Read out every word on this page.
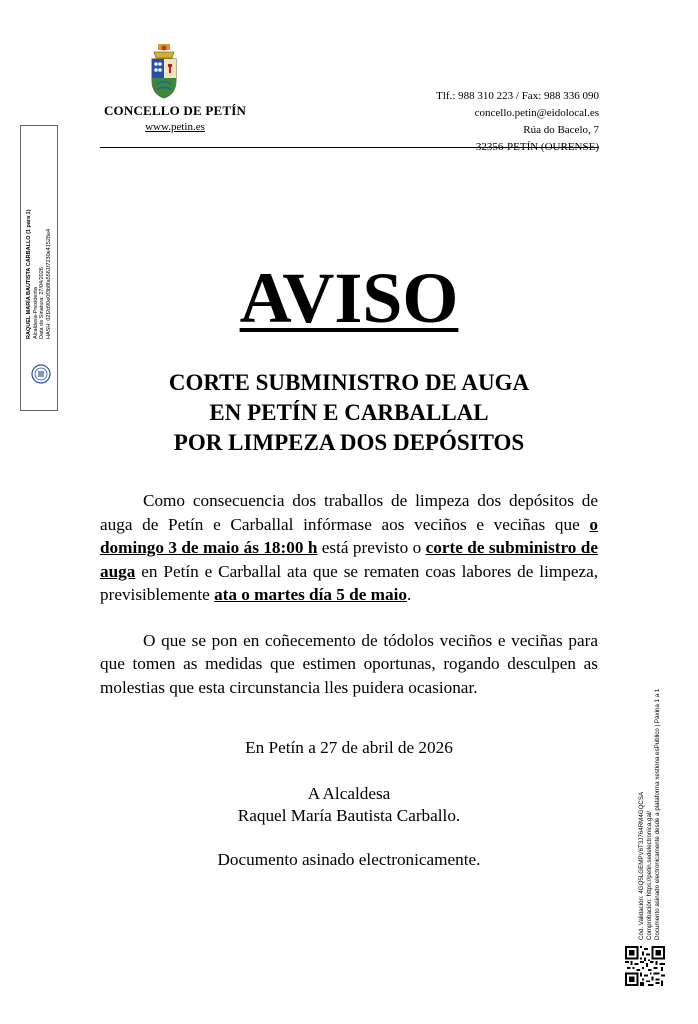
CONCELLO DE PETÍN
www.petin.es
Tlf.: 988 310 223 / Fax: 988 336 090
concello.petin@eidolocal.es
Rúa do Bacelo, 7
32356-PETÍN (OURENSE)
RAQUEL MARÍA BAUTISTA CARBALLO (1 para 1) Alcaldesa-Presidenta Data de Sinatura: 27/04/2026 HASH: 02f2d90e0f3b8fa5561f7230e41528e4	AVISO
CORTE SUBMINISTRO DE AUGA
EN PETÍN E CARBALLAL
POR LIMPEZA DOS DEPÓSITOS

Como consecuencia dos traballos de limpeza dos depósitos de auga de Petín e Carballal infórmase aos veciños e veciñas que o domingo 3 de maio ás 18:00 h está previsto o corte de subministro de auga en Petín e Carballal ata que se rematen coas labores de limpeza, previsiblemente ata o martes día 5 de maio.

O que se pon en coñecemento de tódolos veciños e veciñas para que tomen as medidas que estimen oportunas, rogando desculpen as molestias que esta circunstancia lles puidera ocasionar.

En Petín a 27 de abril de 2026
A Alcaldesa
Raquel María Bautista Carballo.
Documento asinado electronicamente.	Cód. Validación: 4GQ5LGEMPV6T3J764RM4GQCSA Comprobación: https://petin.sedelectronica.gal/ Documento asinado electronicamente desde a plataforma xestiona esPublico | Páxina 1 a 1
